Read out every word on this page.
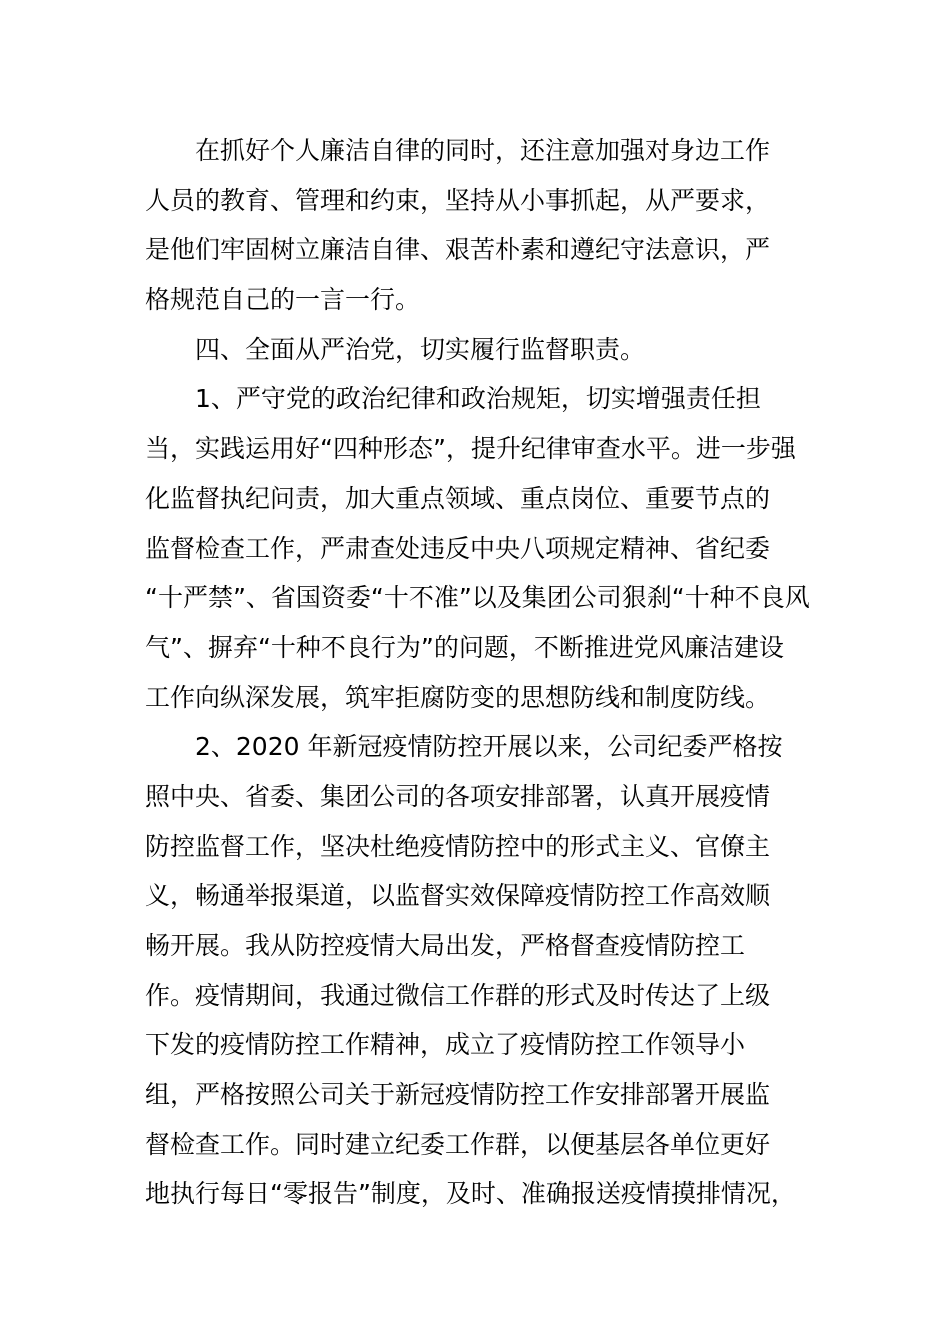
在抓好个人廉洁自律的同时，还注意加强对身边工作
人员的教育、管理和约束，坚持从小事抓起，从严要求，
是他们牢固树立廉洁自律、艰苦朴素和遵纪守法意识，严
格规范自己的一言一行。
四、全面从严治党，切实履行监督职责。
1、严守党的政治纪律和政治规矩，切实增强责任担
当，实践运用好“四种形态”，提升纪律审查水平。进一步强
化监督执纪问责，加大重点领域、重点岗位、重要节点的
监督检查工作，严肃查处违反中央八项规定精神、省纪委
“十严禁”、省国资委“十不准”以及集团公司狠刹“十种不良风
气”、摒弃“十种不良行为”的问题，不断推进党风廉洁建设
工作向纵深发展，筑牢拒腐防变的思想防线和制度防线。
2、2020 年新冠疫情防控开展以来，公司纪委严格按
照中央、省委、集团公司的各项安排部署，认真开展疫情
防控监督工作，坚决杜绝疫情防控中的形式主义、官僚主
义，畅通举报渠道，以监督实效保障疫情防控工作高效顺
畅开展。我从防控疫情大局出发，严格督查疫情防控工
作。疫情期间，我通过微信工作群的形式及时传达了上级
下发的疫情防控工作精神，成立了疫情防控工作领导小
组，严格按照公司关于新冠疫情防控工作安排部署开展监
督检查工作。同时建立纪委工作群，以便基层各单位更好
地执行每日“零报告”制度，及时、准确报送疫情摸排情况，
